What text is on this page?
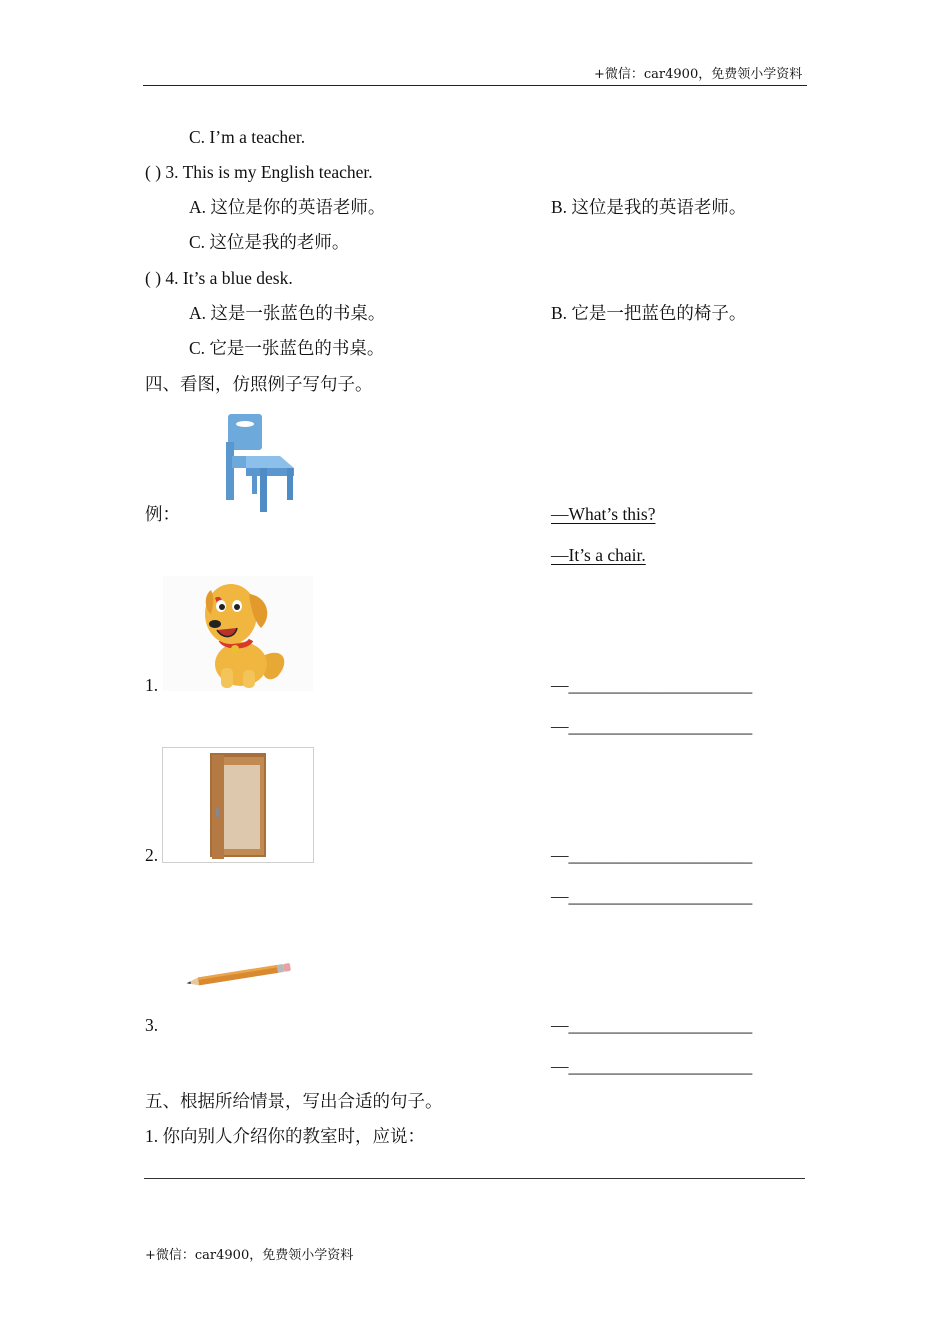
+微信：car4900，免费领小学资料
C. I’m a teacher.
( ) 3. This is my English teacher.
A. 这位是你的英语老师。	B. 这位是我的英语老师。
C. 这位是我的老师。
( ) 4. It’s a blue desk.
A. 这是一张蓝色的书桌。	B. 它是一把蓝色的椅子。
C. 它是一张蓝色的书桌。
四、看图，仿照例子写句子。
例：	—What’s this?
—It’s a chair.
1.	—_____________________
—_____________________
2.	—_____________________
—_____________________
3.	—_____________________
—_____________________
五、根据所给情景，写出合适的句子。
1. 你向别人介绍你的教室时，应说：
+微信：car4900，免费领小学资料
